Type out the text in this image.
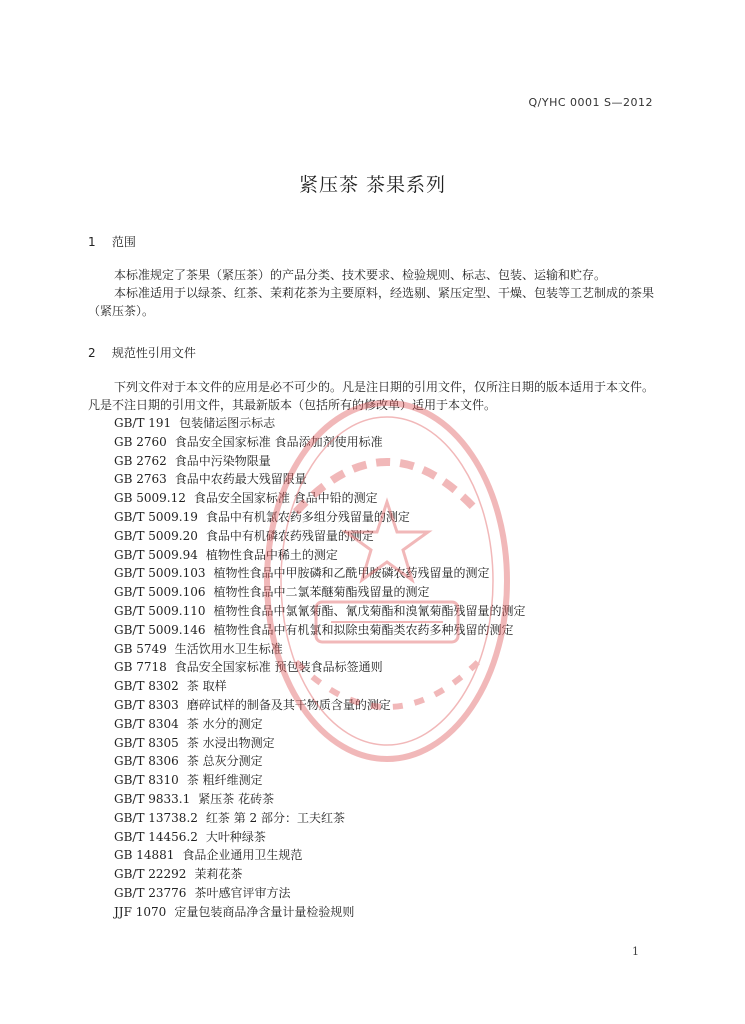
Q/YHC 0001 S—2012
紧压茶 茶果系列
1 范围
本标准规定了茶果（紧压茶）的产品分类、技术要求、检验规则、标志、包装、运输和贮存。
本标准适用于以绿茶、红茶、茉莉花茶为主要原料，经选剔、紧压定型、干燥、包装等工艺制成的茶果（紧压茶）。
2 规范性引用文件
下列文件对于本文件的应用是必不可少的。凡是注日期的引用文件，仅所注日期的版本适用于本文件。凡是不注日期的引用文件，其最新版本（包括所有的修改单）适用于本文件。
GB/T 191 包装储运图示标志
GB 2760 食品安全国家标准 食品添加剂使用标准
GB 2762 食品中污染物限量
GB 2763 食品中农药最大残留限量
GB 5009.12 食品安全国家标准 食品中铅的测定
GB/T 5009.19 食品中有机氯农药多组分残留量的测定
GB/T 5009.20 食品中有机磷农药残留量的测定
GB/T 5009.94 植物性食品中稀土的测定
GB/T 5009.103 植物性食品中甲胺磷和乙酰甲胺磷农药残留量的测定
GB/T 5009.106 植物性食品中二氯苯醚菊酯残留量的测定
GB/T 5009.110 植物性食品中氯氰菊酯、氰戊菊酯和溴氰菊酯残留量的测定
GB/T 5009.146 植物性食品中有机氯和拟除虫菊酯类农药多种残留的测定
GB 5749 生活饮用水卫生标准
GB 7718 食品安全国家标准 预包装食品标签通则
GB/T 8302 茶 取样
GB/T 8303 磨碎试样的制备及其干物质含量的测定
GB/T 8304 茶 水分的测定
GB/T 8305 茶 水浸出物测定
GB/T 8306 茶 总灰分测定
GB/T 8310 茶 粗纤维测定
GB/T 9833.1 紧压茶 花砖茶
GB/T 13738.2 红茶 第 2 部分：工夫红茶
GB/T 14456.2 大叶种绿茶
GB 14881 食品企业通用卫生规范
GB/T 22292 茉莉花茶
GB/T 23776 茶叶感官评审方法
JJF 1070 定量包装商品净含量计量检验规则
1
